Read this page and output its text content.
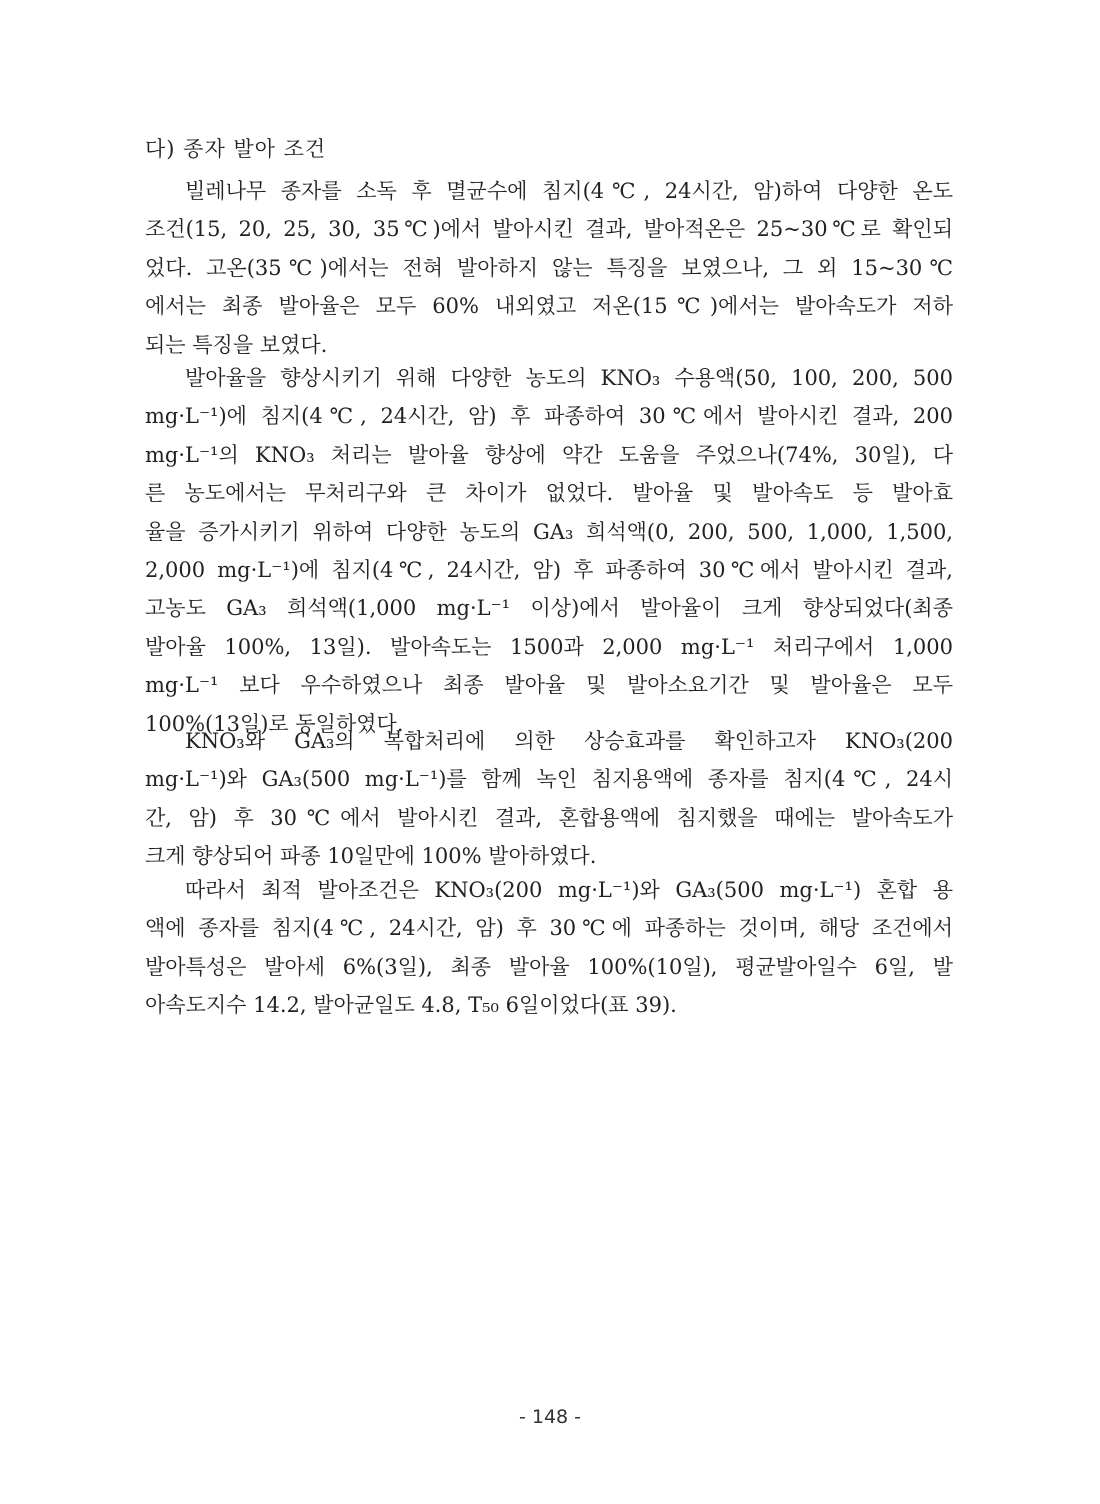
다) 종자 발아 조건
빌레나무 종자를 소독 후 멸균수에 침지(4℃, 24시간, 암)하여 다양한 온도
조건(15, 20, 25, 30, 35℃)에서 발아시킨 결과, 발아적온은 25~30℃로 확인되
었다. 고온(35℃)에서는 전혀 발아하지 않는 특징을 보였으나, 그 외 15~30℃
에서는 최종 발아율은 모두 60% 내외였고 저온(15℃)에서는 발아속도가 저하
되는 특징을 보였다.
발아율을 향상시키기 위해 다양한 농도의 KNO₃ 수용액(50, 100, 200, 500
mg·L⁻¹)에 침지(4℃, 24시간, 암) 후 파종하여 30℃에서 발아시킨 결과, 200
mg·L⁻¹의 KNO₃ 처리는 발아율 향상에 약간 도움을 주었으나(74%, 30일), 다
른 농도에서는 무처리구와 큰 차이가 없었다. 발아율 및 발아속도 등 발아효
율을 증가시키기 위하여 다양한 농도의 GA₃ 희석액(0, 200, 500, 1,000, 1,500,
2,000 mg·L⁻¹)에 침지(4℃, 24시간, 암) 후 파종하여 30℃에서 발아시킨 결과,
고농도 GA₃ 희석액(1,000 mg·L⁻¹ 이상)에서 발아율이 크게 향상되었다(최종
발아율 100%, 13일). 발아속도는 1500과 2,000 mg·L⁻¹ 처리구에서 1,000
mg·L⁻¹ 보다 우수하였으나 최종 발아율 및 발아소요기간 및 발아율은 모두
100%(13일)로 동일하였다.
KNO₃와 GA₃의 복합처리에 의한 상승효과를 확인하고자 KNO₃(200
mg·L⁻¹)와 GA₃(500 mg·L⁻¹)를 함께 녹인 침지용액에 종자를 침지(4℃, 24시
간, 암) 후 30℃에서 발아시킨 결과, 혼합용액에 침지했을 때에는 발아속도가
크게 향상되어 파종 10일만에 100% 발아하였다.
따라서 최적 발아조건은 KNO₃(200 mg·L⁻¹)와 GA₃(500 mg·L⁻¹) 혼합 용
액에 종자를 침지(4℃, 24시간, 암) 후 30℃에 파종하는 것이며, 해당 조건에서
발아특성은 발아세 6%(3일), 최종 발아율 100%(10일), 평균발아일수 6일, 발
아속도지수 14.2, 발아균일도 4.8, T₅₀ 6일이었다(표 39).
- 148 -
